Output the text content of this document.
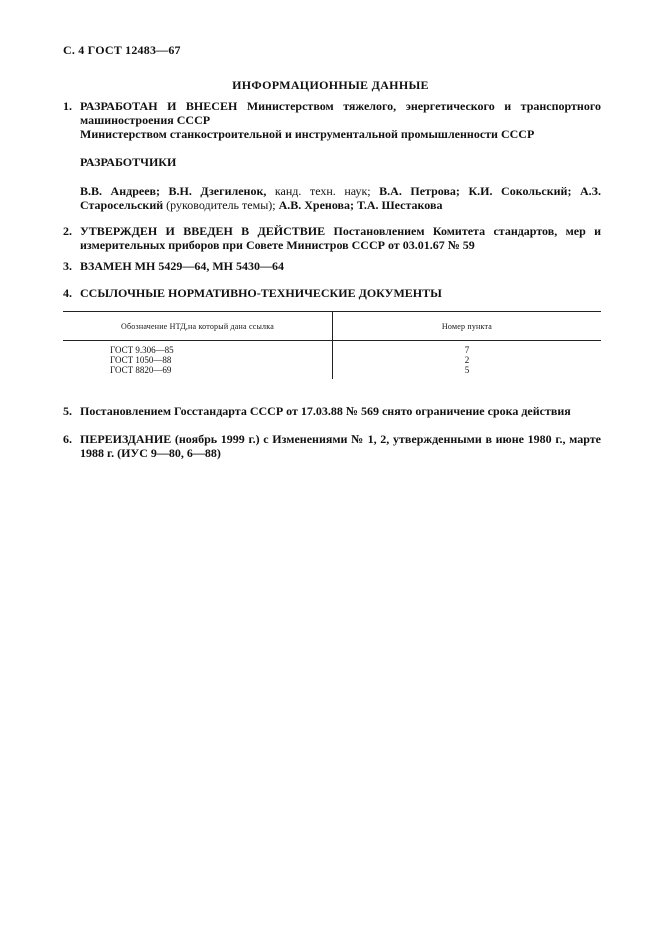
С. 4 ГОСТ 12483—67
ИНФОРМАЦИОННЫЕ ДАННЫЕ
1. РАЗРАБОТАН И ВНЕСЕН Министерством тяжелого, энергетического и транспортного машиностроения СССР
Министерством станкостроительной и инструментальной промышленности СССР
РАЗРАБОТЧИКИ
В.В. Андреев; В.Н. Дзегиленок, канд. техн. наук; В.А. Петрова; К.И. Сокольский; А.З. Старосельский (руководитель темы); А.В. Хренова; Т.А. Шестакова
2. УТВЕРЖДЕН И ВВЕДЕН В ДЕЙСТВИЕ Постановлением Комитета стандартов, мер и измерительных приборов при Совете Министров СССР от 03.01.67 № 59
3. ВЗАМЕН МН 5429—64, МН 5430—64
4. ССЫЛОЧНЫЕ НОРМАТИВНО-ТЕХНИЧЕСКИЕ ДОКУМЕНТЫ
Обозначение НТД,на который дана ссылка	Номер пункта
ГОСТ 9.306—85	7
ГОСТ 1050—88	2
ГОСТ 8820—69	5
5. Постановлением Госстандарта СССР от 17.03.88 № 569 снято ограничение срока действия
6. ПЕРЕИЗДАНИЕ (ноябрь 1999 г.) с Изменениями № 1, 2, утвержденными в июне 1980 г., марте 1988 г. (ИУС 9—80, 6—88)
